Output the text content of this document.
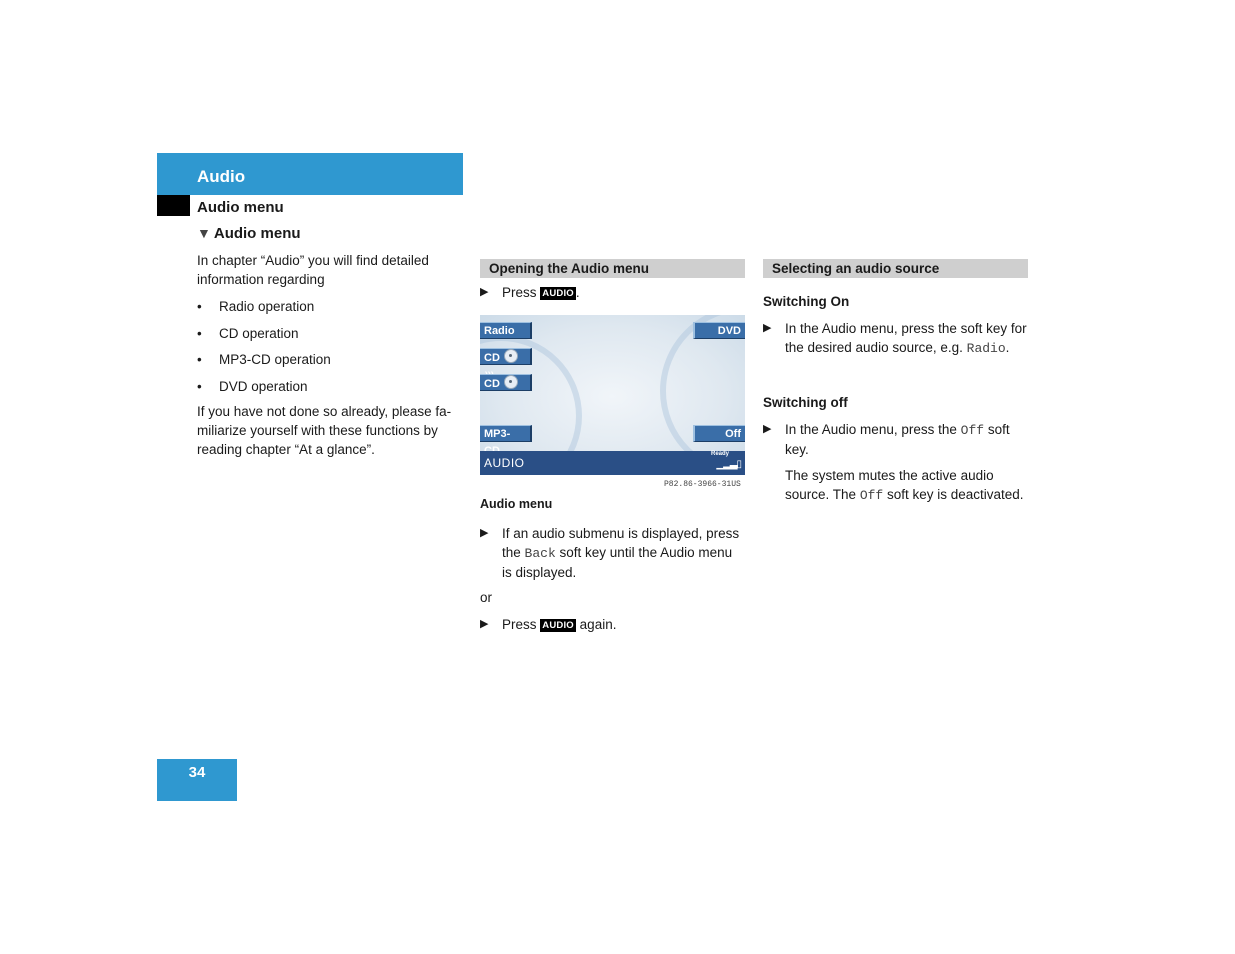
Audio
Audio menu
▼ Audio menu
In chapter “Audio” you will find detailed information regarding
• Radio operation
• CD operation
• MP3-CD operation
• DVD operation
If you have not done so already, please fa-miliarize yourself with these functions by reading chapter “At a glance”.
Opening the Audio menu
▶ Press AUDIO .
Radio
CD
CD
MP3-
DVD
Off
AUDIO
Ready
▁▂▃▯
P82.86-3966-31US
Audio menu
▶ If an audio submenu is displayed, press the Back soft key until the Audio menu is displayed.
or
▶ Press AUDIO again.
Selecting an audio source
Switching On
▶ In the Audio menu, press the soft key for the desired audio source, e.g. Radio.
Switching off
▶ In the Audio menu, press the Off soft key.
The system mutes the active audio source. The Off soft key is deactivated.
34
